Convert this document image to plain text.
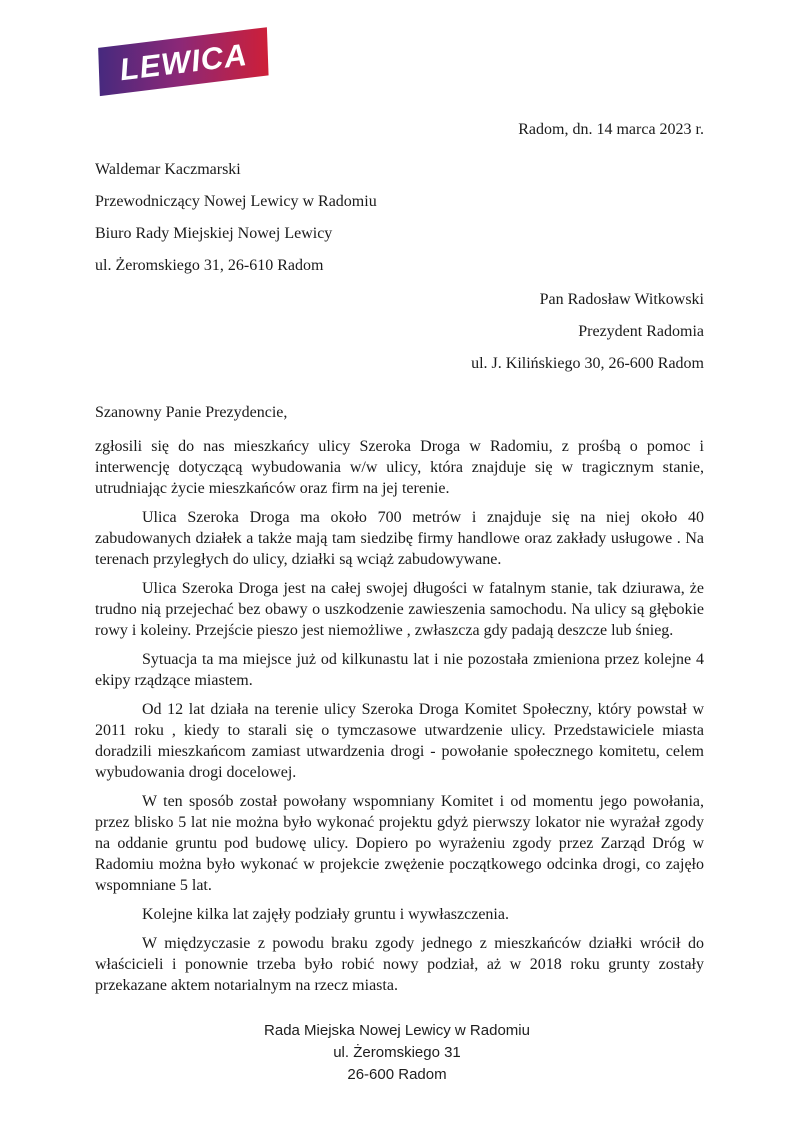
LEWICA
Radom, dn. 14 marca 2023 r.
Waldemar Kaczmarski
Przewodniczący Nowej Lewicy w Radomiu
Biuro Rady Miejskiej Nowej Lewicy
ul. Żeromskiego 31, 26-610 Radom
Pan Radosław Witkowski
Prezydent Radomia
ul. J. Kilińskiego 30, 26-600 Radom
Szanowny Panie Prezydencie,

zgłosili się do nas mieszkańcy ulicy Szeroka Droga w Radomiu, z prośbą o pomoc i interwencję dotyczącą wybudowania w/w ulicy, która znajduje się w tragicznym stanie, utrudniając życie mieszkańców oraz firm na jej terenie.

Ulica Szeroka Droga ma około 700 metrów i znajduje się na niej około 40 zabudowanych działek a także mają tam siedzibę firmy handlowe oraz zakłady usługowe . Na terenach przyległych do ulicy, działki są wciąż zabudowywane.

Ulica Szeroka Droga jest na całej swojej długości w fatalnym stanie, tak dziurawa, że trudno nią przejechać bez obawy o uszkodzenie zawieszenia samochodu. Na ulicy są głębokie rowy i koleiny. Przejście pieszo jest niemożliwe , zwłaszcza gdy padają deszcze lub śnieg.

Sytuacja ta ma miejsce już od kilkunastu lat i nie pozostała zmieniona przez kolejne 4 ekipy rządzące miastem.

Od 12 lat działa na terenie ulicy Szeroka Droga Komitet Społeczny, który powstał w 2011 roku , kiedy to starali się o tymczasowe utwardzenie ulicy. Przedstawiciele miasta doradzili mieszkańcom zamiast utwardzenia drogi - powołanie społecznego komitetu, celem wybudowania drogi docelowej.

W ten sposób został powołany wspomniany Komitet i od momentu jego powołania, przez blisko 5 lat nie można było wykonać projektu gdyż pierwszy lokator nie wyrażał zgody na oddanie gruntu pod budowę ulicy. Dopiero po wyrażeniu zgody przez Zarząd Dróg w Radomiu można było wykonać w projekcie zwężenie początkowego odcinka drogi, co zajęło wspomniane 5 lat.

Kolejne kilka lat zajęły podziały gruntu i wywłaszczenia.

W międzyczasie z powodu braku zgody jednego z mieszkańców działki wrócił do właścicieli i ponownie trzeba było robić nowy podział, aż w 2018 roku grunty zostały przekazane aktem notarialnym na rzecz miasta.

Rada Miejska Nowej Lewicy w Radomiu
ul. Żeromskiego 31
26-600 Radom
